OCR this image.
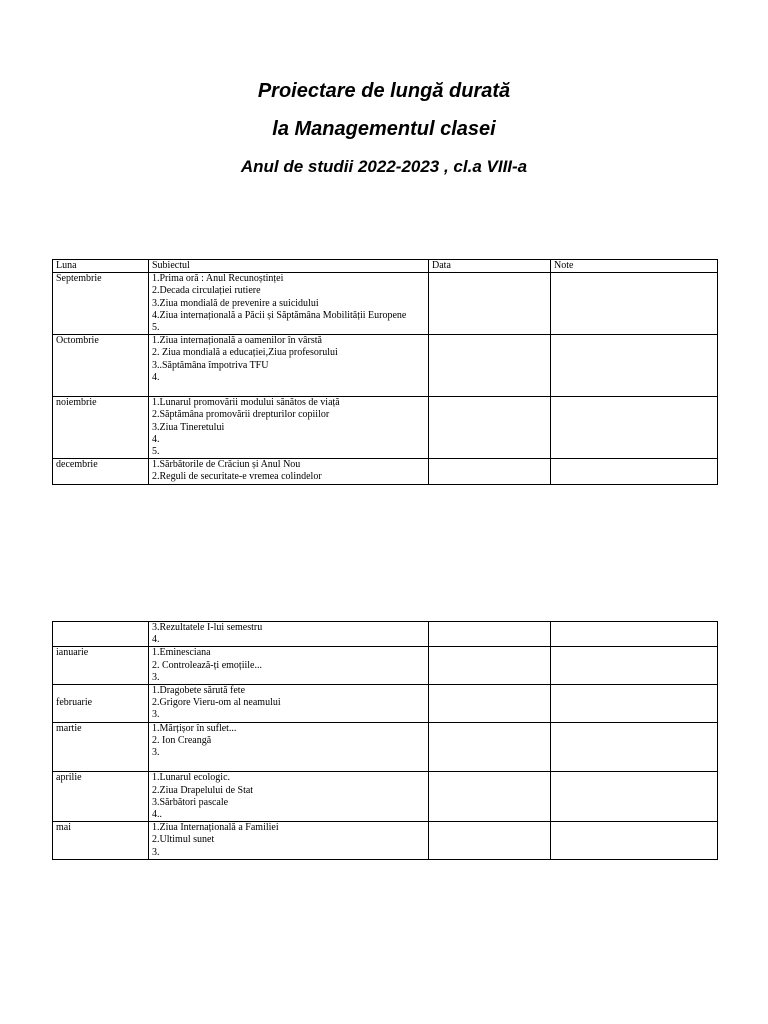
Proiectare de lungă durată
la Managementul clasei
Anul de studii 2022-2023 , cl.a VIII-a
Luna	Subiectul	Data	Note
Septembrie	1.Prima oră : Anul Recunoștinței
2.Decada circulației rutiere
3.Ziua mondială de prevenire a suicidului
4.Ziua internațională a Păcii și Săptămâna Mobilității Europene
5.		

Octombrie	1.Ziua internațională a oamenilor în vârstă
2. Ziua mondială a educației,Ziua profesorului
3..Săptămâna împotriva TFU
4.		

noiembrie	1.Lunarul promovării modului sănătos de viață
2.Săptămâna promovării drepturilor copiilor
3.Ziua Tineretului
4.
5.		

decembrie	1.Sărbătorile de Crăciun și Anul Nou
2.Reguli de securitate-e vremea colindelor		

	3.Rezultatele I-lui semestru
4.		

ianuarie	1.Eminesciana
2. Controlează-ți emoțiile...
3.		

februarie	1.Dragobete sărută fete
2.Grigore Vieru-om al neamului
3.		

martie	1.Mărțișor în suflet...
2. Ion Creangă
3.		

aprilie	1.Lunarul ecologic.
2.Ziua Drapelului de Stat
3.Sărbători pascale
4..		

mai	1.Ziua Internațională a Familiei
2.Ultimul sunet
3.		
